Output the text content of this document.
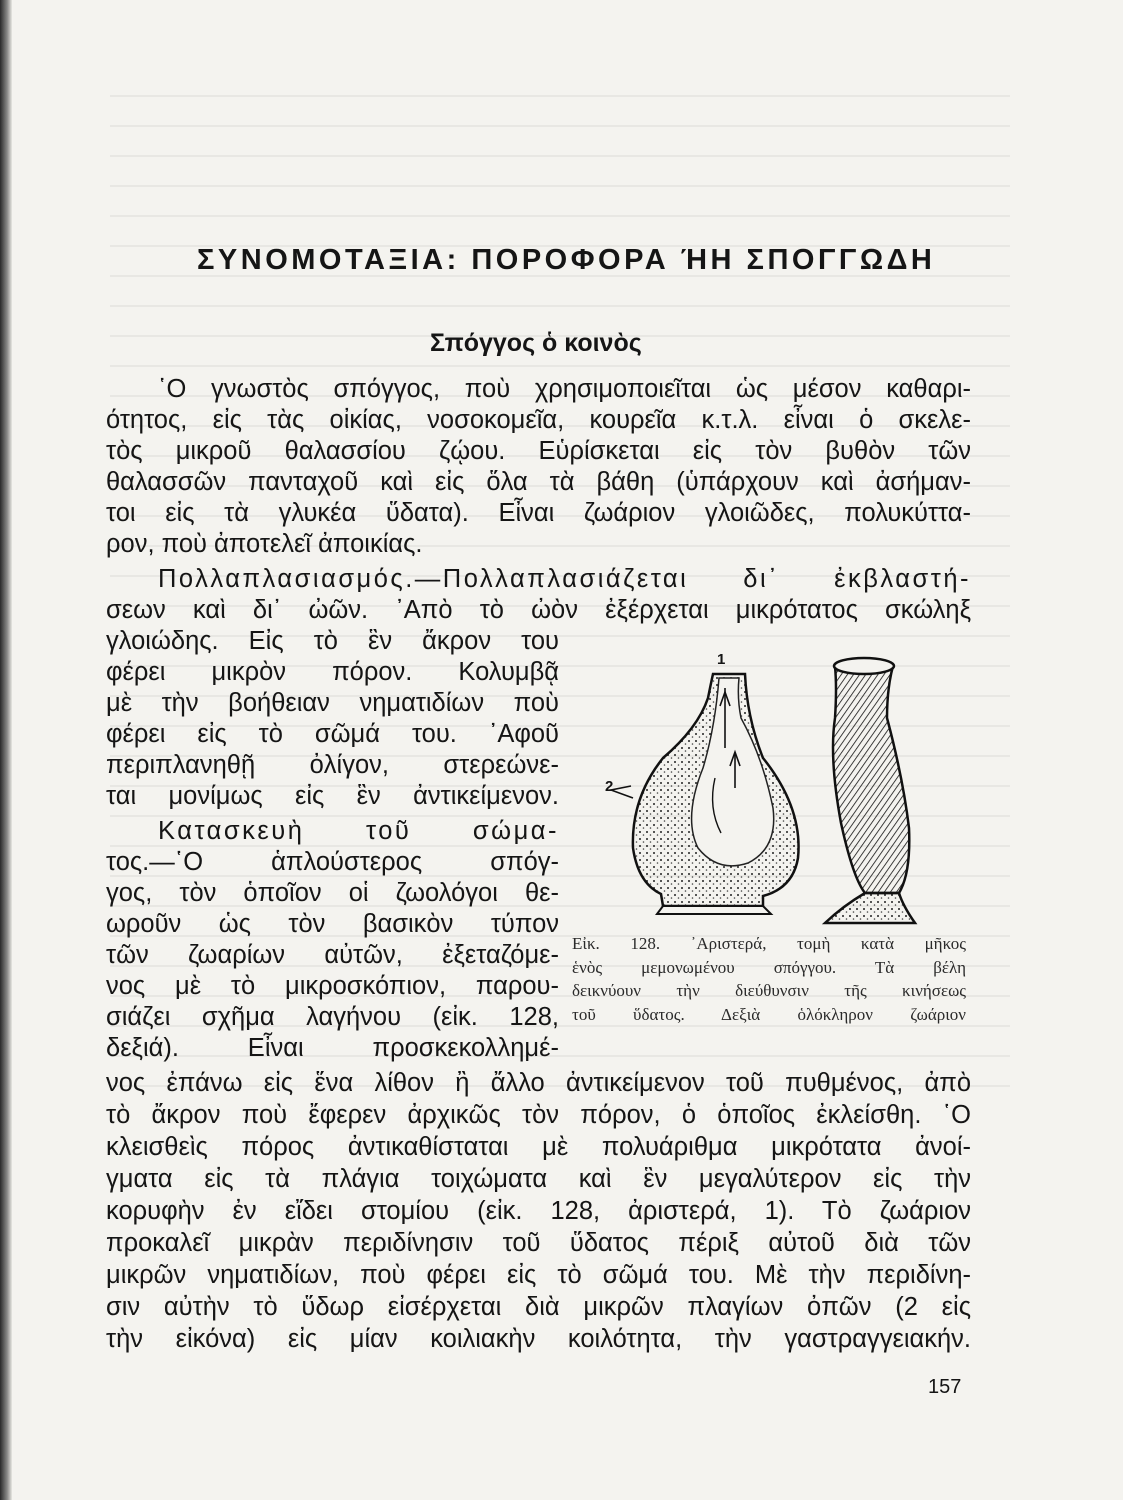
ΣΥΝΟΜΟΤΑΞΙΑ: ΠΟΡΟΦΟΡΑ ΉΗ ΣΠΟΓΓΩΔΗ
Σπόγγος ὁ κοινὸς
῾Ο γνωστὸς σπόγγος, ποὺ χρησιμοποιεῖται ὡς μέσον καθαρι-
ότητος, εἰς τὰς οἰκίας, νοσοκομεῖα, κουρεῖα κ.τ.λ. εἶναι ὁ σκελε-
τὸς μικροῦ θαλασσίου ζῴου. Εὑρίσκεται εἰς τὸν βυθὸν τῶν
θαλασσῶν πανταχοῦ καὶ εἰς ὅλα τὰ βάθη (ὑπάρχουν καὶ ἀσήμαν-
τοι εἰς τὰ γλυκέα ὕδατα). Εἶναι ζωάριον γλοιῶδες, πολυκύττα-
ρον, ποὺ ἀποτελεῖ ἀποικίας.
Πολλαπλασιασμός.—Πολλαπλασιάζεται δι᾽ ἐκβλαστή-
σεων καὶ δι᾽ ὠῶν. ᾽Απὸ τὸ ὠὸν ἐξέρχεται μικρότατος σκώληξ
γλοιώδης. Εἰς τὸ ἓν ἄκρον του
φέρει μικρὸν πόρον. Κολυμβᾷ
μὲ τὴν βοήθειαν νηματιδίων ποὺ
φέρει εἰς τὸ σῶμά του. ᾽Αφοῦ
περιπλανηθῇ ὀλίγον, στερεώνε-
ται μονίμως εἰς ἓν ἀντικείμενον.
Κατασκευὴ τοῦ σώμα-
τος.—῾Ο ἁπλούστερος σπόγ-
γος, τὸν ὁποῖον οἱ ζωολόγοι θε-
ωροῦν ὡς τὸν βασικὸν τύπον
τῶν ζωαρίων αὐτῶν, ἐξεταζόμε-
νος μὲ τὸ μικροσκόπιον, παρου-
σιάζει σχῆμα λαγήνου (εἰκ. 128,
δεξιά). Εἶναι προσκεκολλημέ-
νος ἐπάνω εἰς ἕνα λίθον ἢ ἄλλο ἀντικείμενον τοῦ πυθμένος, ἀπὸ
τὸ ἄκρον ποὺ ἔφερεν ἀρχικῶς τὸν πόρον, ὁ ὁποῖος ἐκλείσθη. ῾Ο
κλεισθεὶς πόρος ἀντικαθίσταται μὲ πολυάριθμα μικρότατα ἀνοί-
γματα εἰς τὰ πλάγια τοιχώματα καὶ ἓν μεγαλύτερον εἰς τὴν
κορυφὴν ἐν εἴδει στομίου (εἰκ. 128, ἀριστερά, 1). Τὸ ζωάριον
προκαλεῖ μικρὰν περιδίνησιν τοῦ ὕδατος πέριξ αὐτοῦ διὰ τῶν
μικρῶν νηματιδίων, ποὺ φέρει εἰς τὸ σῶμά του. Μὲ τὴν περιδίνη-
σιν αὐτὴν τὸ ὕδωρ εἰσέρχεται διὰ μικρῶν πλαγίων ὀπῶν (2 εἰς
τὴν εἰκόνα) εἰς μίαν κοιλιακὴν κοιλότητα, τὴν γαστραγγειακήν.
1
2
Εἰκ. 128. ᾽Αριστερά, τομὴ κατὰ μῆκος
ἑνὸς μεμονωμένου σπόγγου. Τὰ βέλη
δεικνύουν τὴν διεύθυνσιν τῆς κινήσεως
τοῦ ὕδατος. Δεξιὰ ὁλόκληρον ζωάριον
157
